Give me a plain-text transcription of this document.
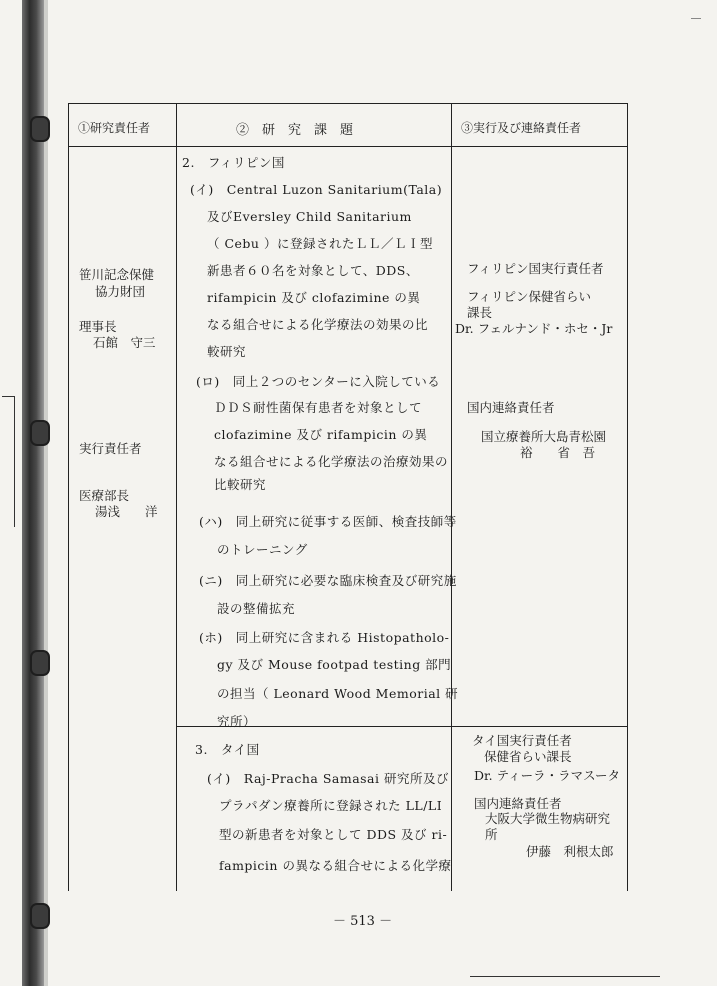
①研究責任者	②　研　究　課　題	③実行及び連絡責任者
笹川記念保健
協力財団
理事長
石館　守三
実行責任者
医療部長
湯浅　　洋
2.　フィリピン国
(イ)　Central Luzon Sanitarium(Tala)
及びEversley Child Sanitarium
（ Cebu ）に登録されたＬＬ／ＬＩ型
新患者６０名を対象として、DDS、
rifampicin 及び clofazimine の異
なる組合せによる化学療法の効果の比
較研究
(ロ)　同上２つのセンターに入院している
ＤＤＳ耐性菌保有患者を対象として
clofazimine 及び rifampicin の異
なる組合せによる化学療法の治療効果の
比較研究
(ハ)　同上研究に従事する医師、検査技師等
のトレーニング
(ニ)　同上研究に必要な臨床検査及び研究施
設の整備拡充
(ホ)　同上研究に含まれる Histopatholo-
gy 及び Mouse footpad testing 部門
の担当（ Leonard Wood Memorial 研
究所）
フィリピン国実行責任者
フィリピン保健省らい
課長
Dr. フェルナンド・ホセ・Jr
国内連絡責任者
国立療養所大島青松園
裕　　省　吾
3.　タイ国
(イ)　Raj-Pracha Samasai 研究所及び
プラパダン療養所に登録された LL/LI
型の新患者を対象として DDS 及び ri-
fampicin の異なる組合せによる化学療
タイ国実行責任者
保健省らい課長
Dr. ティーラ・ラマスータ
国内連絡責任者
大阪大学微生物病研究
所
伊藤　利根太郎
－ 513 －
